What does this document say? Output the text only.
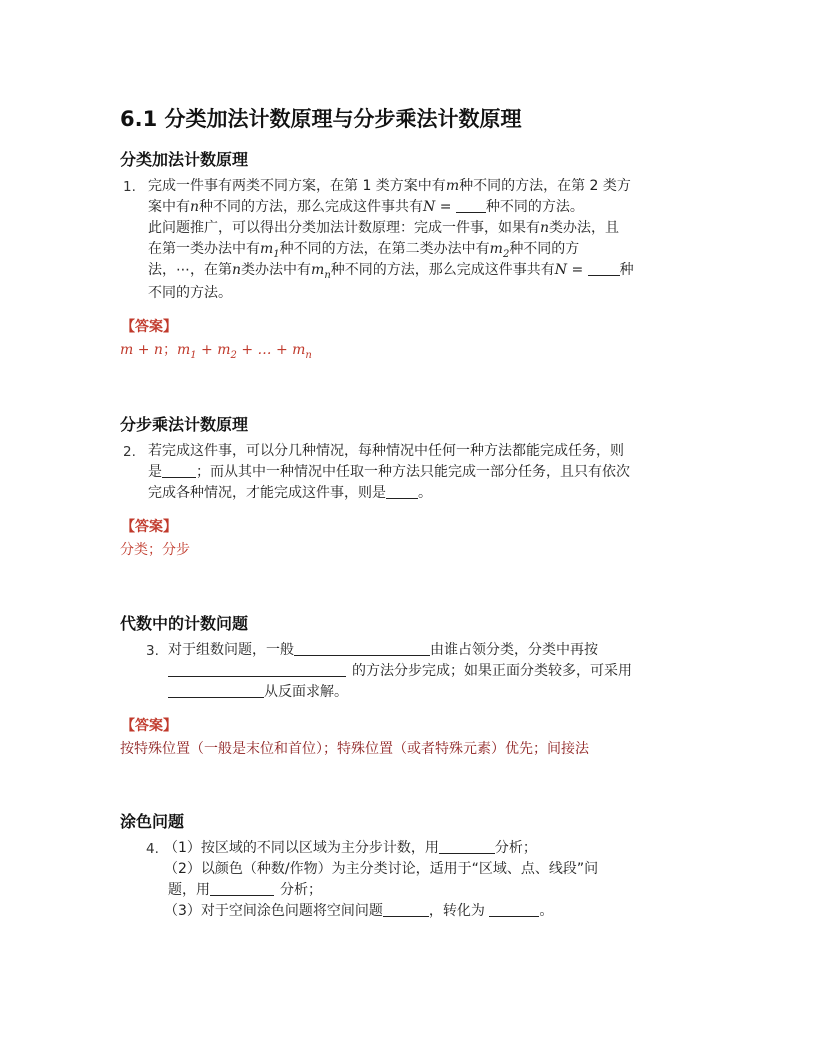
6.1 分类加法计数原理与分步乘法计数原理
分类加法计数原理
1. 完成一件事有两类不同方案，在第 1 类方案中有m种不同的方法，在第 2 类方
案中有n种不同的方法，那么完成这件事共有N = 种不同的方法。
此问题推广，可以得出分类加法计数原理：完成一件事，如果有n类办法，且
在第一类办法中有$m_1$种不同的方法，在第二类办法中有$m_2$种不同的方
法，⋯，在第n类办法中有$m_n$种不同的方法，那么完成这件事共有N = 种
不同的方法。
【答案】
m + n；$m_1 + m_2$ + … + $m_n$
分步乘法计数原理
2. 若完成这件事，可以分几种情况，每种情况中任何一种方法都能完成任务，则
是 ；而从其中一种情况中任取一种方法只能完成一部分任务，且只有依次
完成各种情况，才能完成这件事，则是 。
【答案】
分类；分步
代数中的计数问题
3. 对于组数问题，一般	由谁占领分类，分类中再按
的方法分步完成；如果正面分类较多，可采用
从反面求解。
【答案】
按特殊位置（一般是末位和首位）；特殊位置（或者特殊元素）优先；间接法
涂色问题
4. （1）按区域的不同以区域为主分步计数，用	分析；
（2）以颜色（种数/作物）为主分类讨论，适用于“区域、点、线段”问
题，用	分析；
（3）对于空间涂色问题将空间问题	，转化为	。
